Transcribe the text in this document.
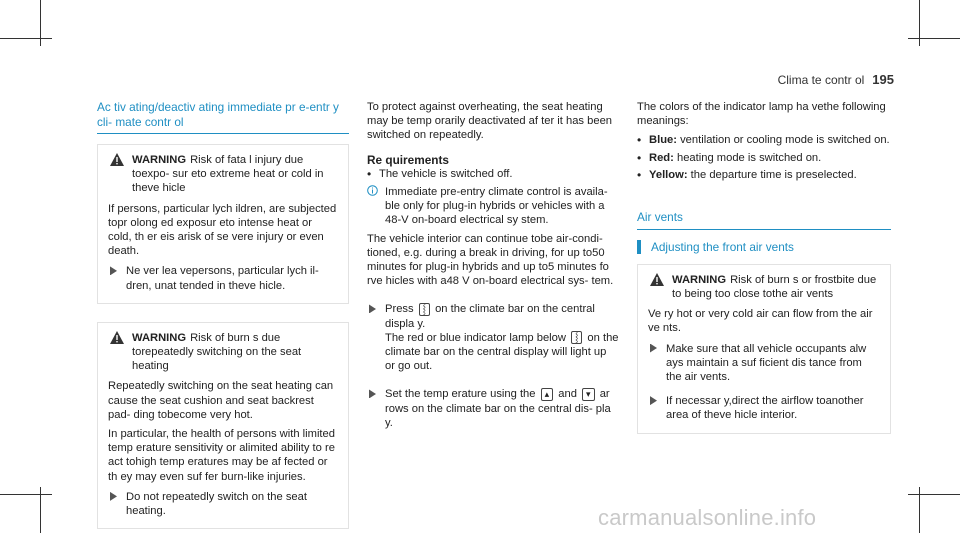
Clima te contr ol 195
Ac tiv ating/deactiv ating immediate pr e-entr y cli‐ mate contr ol
WARNING Risk of fata l injury due toexpo‐ sur eto extreme heat or cold in theve hicle

If persons, particular lych ildren, are subjected topr olong ed exposur eto intense heat or cold, th er eis arisk of se vere injury or even death.

Ne ver lea vepersons, particular lych il‐ dren, unat tended in theve hicle.
WARNING Risk of burn s due torepeatedly switching on the seat heating

Repeatedly switching on the seat heating can cause the seat cushion and seat backrest pad‐ ding tobecome very hot.

In particular, the health of persons with limited temp erature sensitivity or alimited ability to re act tohigh temp eratures may be af fected or th ey may even suf fer burn-like injuries.

Do not repeatedly switch on the seat heating.

To protect against overheating, the seat heating may be temp orarily deactivated af ter it has been switched on repeatedly.

Re quirements
• The vehicle is switched off.
Immediate pre-entry climate control is availa‐ ble only for plug-in hybrids or vehicles with a 48-V on-board electrical sy stem.

The vehicle interior can continue tobe air-condi‐ tioned, e.g. during a break in driving, for up to50 minutes for plug-in hybrids and up to5 minutes fo rve hicles with a48 V on-board electrical sys‐ tem.

Press ⸾ on the climate bar on the central displa y.
The red or blue indicator lamp below ⸾ on the climate bar on the central display will light up or go out.
Set the temp erature using the ▴ and ▾ ar rows on the climate bar on the central dis‐ pla y.

The colors of the indicator lamp ha vethe following meanings:

• Blue: ventilation or cooling mode is switched on.
• Red: heating mode is switched on.
• Yellow: the departure time is preselected.
Air vents
Adjusting the front air vents
WARNING Risk of burn s or frostbite due to being too close tothe air vents

Ve ry hot or very cold air can flow from the air ve nts.

Make sure that all vehicle occupants alw ays maintain a suf ficient dis tance from the air vents.
If necessar y,direct the airflow toanother area of theve hicle interior.
carmanualsonline.info
